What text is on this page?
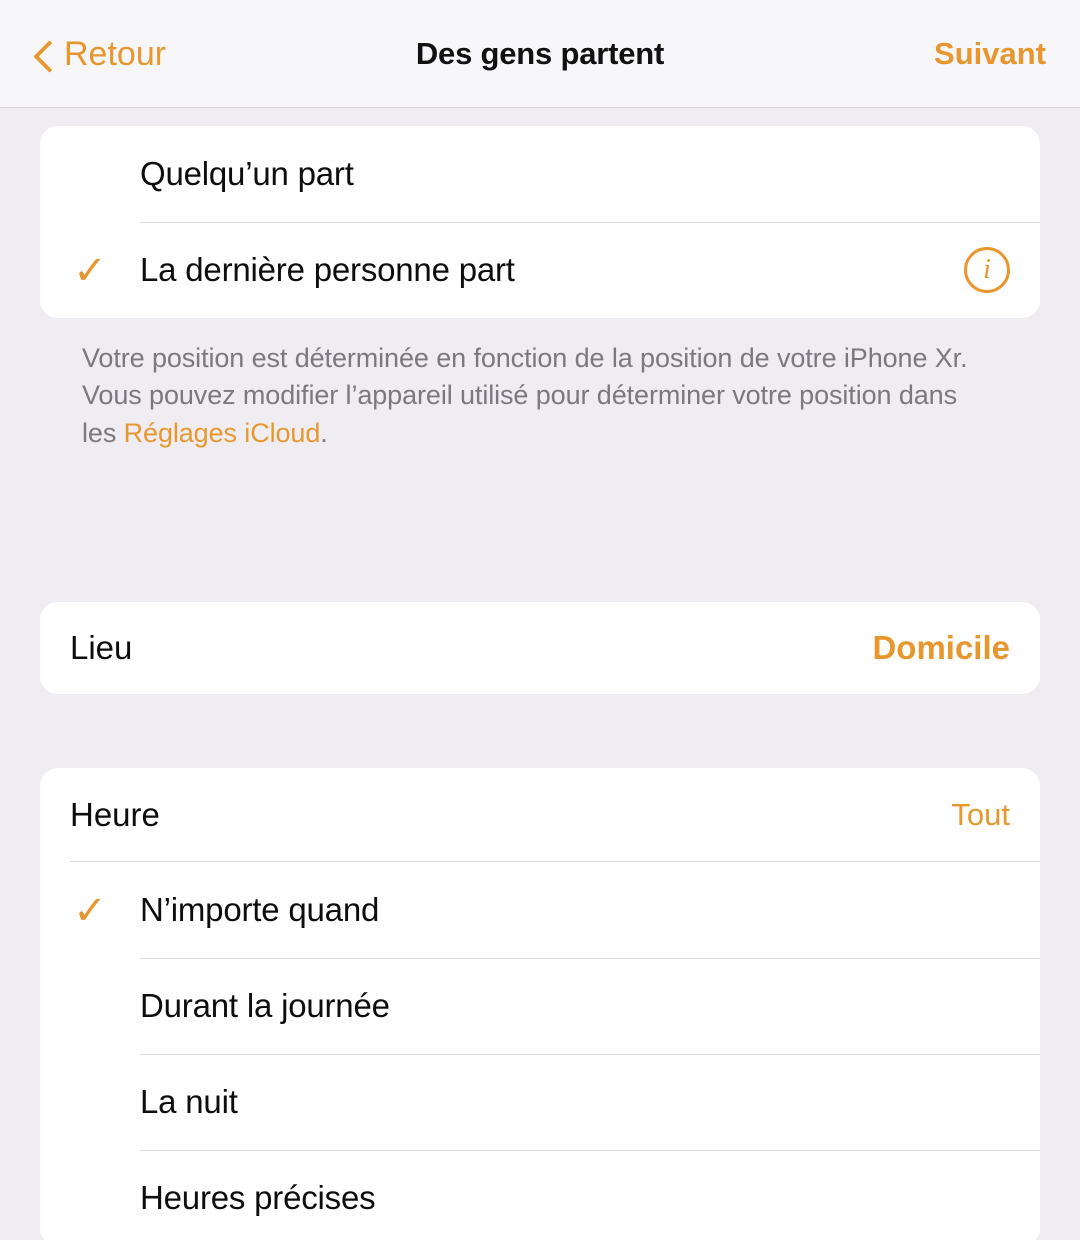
Retour	Des gens partent	Suivant
Quelqu’un part
✓	La dernière personne part	i
Votre position est déterminée en fonction de la position de votre iPhone Xr. Vous pouvez modifier l’appareil utilisé pour déterminer votre position dans les Réglages iCloud.
Lieu	Domicile
Heure	Tout
✓	N’importe quand
Durant la journée
La nuit
Heures précises
